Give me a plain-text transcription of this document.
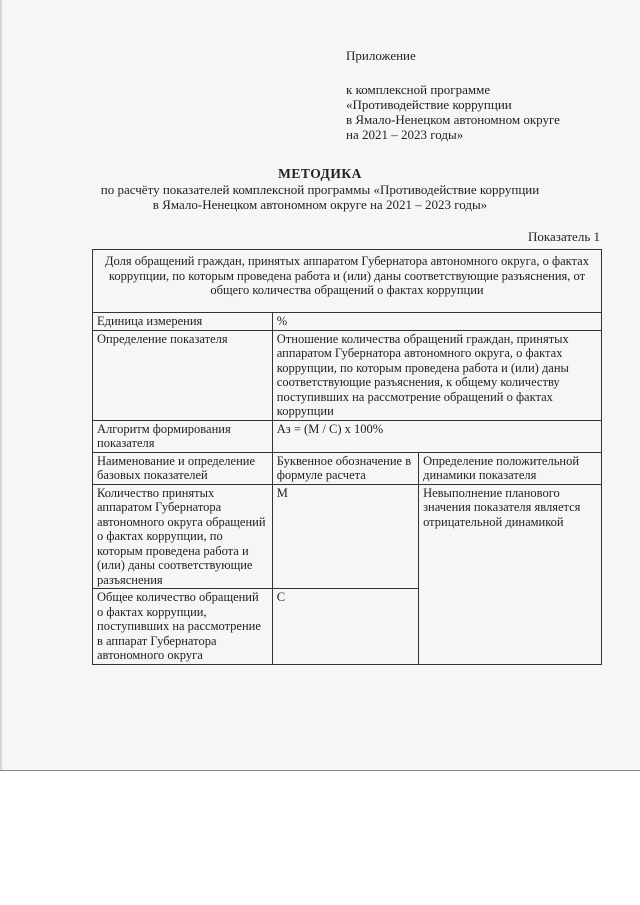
Приложение
к комплексной программе
«Противодействие коррупции
в Ямало-Ненецком автономном округе
на 2021 – 2023 годы»
МЕТОДИКА
по расчёту показателей комплексной программы «Противодействие коррупции
в Ямало-Ненецком автономном округе на 2021 – 2023 годы»
Показатель 1
Доля обращений граждан, принятых аппаратом Губернатора автономного округа, о фактах коррупции, по которым проведена работа и (или) даны соответствующие разъяснения, от общего количества обращений о фактах коррупции		
Единица измерения	%	
Определение показателя	Отношение количества обращений граждан, принятых аппаратом Губернатора автономного округа, о фактах коррупции, по которым проведена работа и (или) даны соответствующие разъяснения, к общему количеству поступивших на рассмотрение обращений о фактах коррупции	
Алгоритм формирования показателя	Аз = (М / С) х 100%	
Наименование и определение базовых показателей	Буквенное обозначение в формуле расчета	Определение положительной динамики показателя
Количество принятых аппаратом Губернатора автономного округа обращений о фактах коррупции, по которым проведена работа и (или) даны соответствующие разъяснения	М	Невыполнение планового значения показателя является отрицательной динамикой
Общее количество обращений о фактах коррупции, поступивших на рассмотрение в аппарат Губернатора автономного округа	С	
